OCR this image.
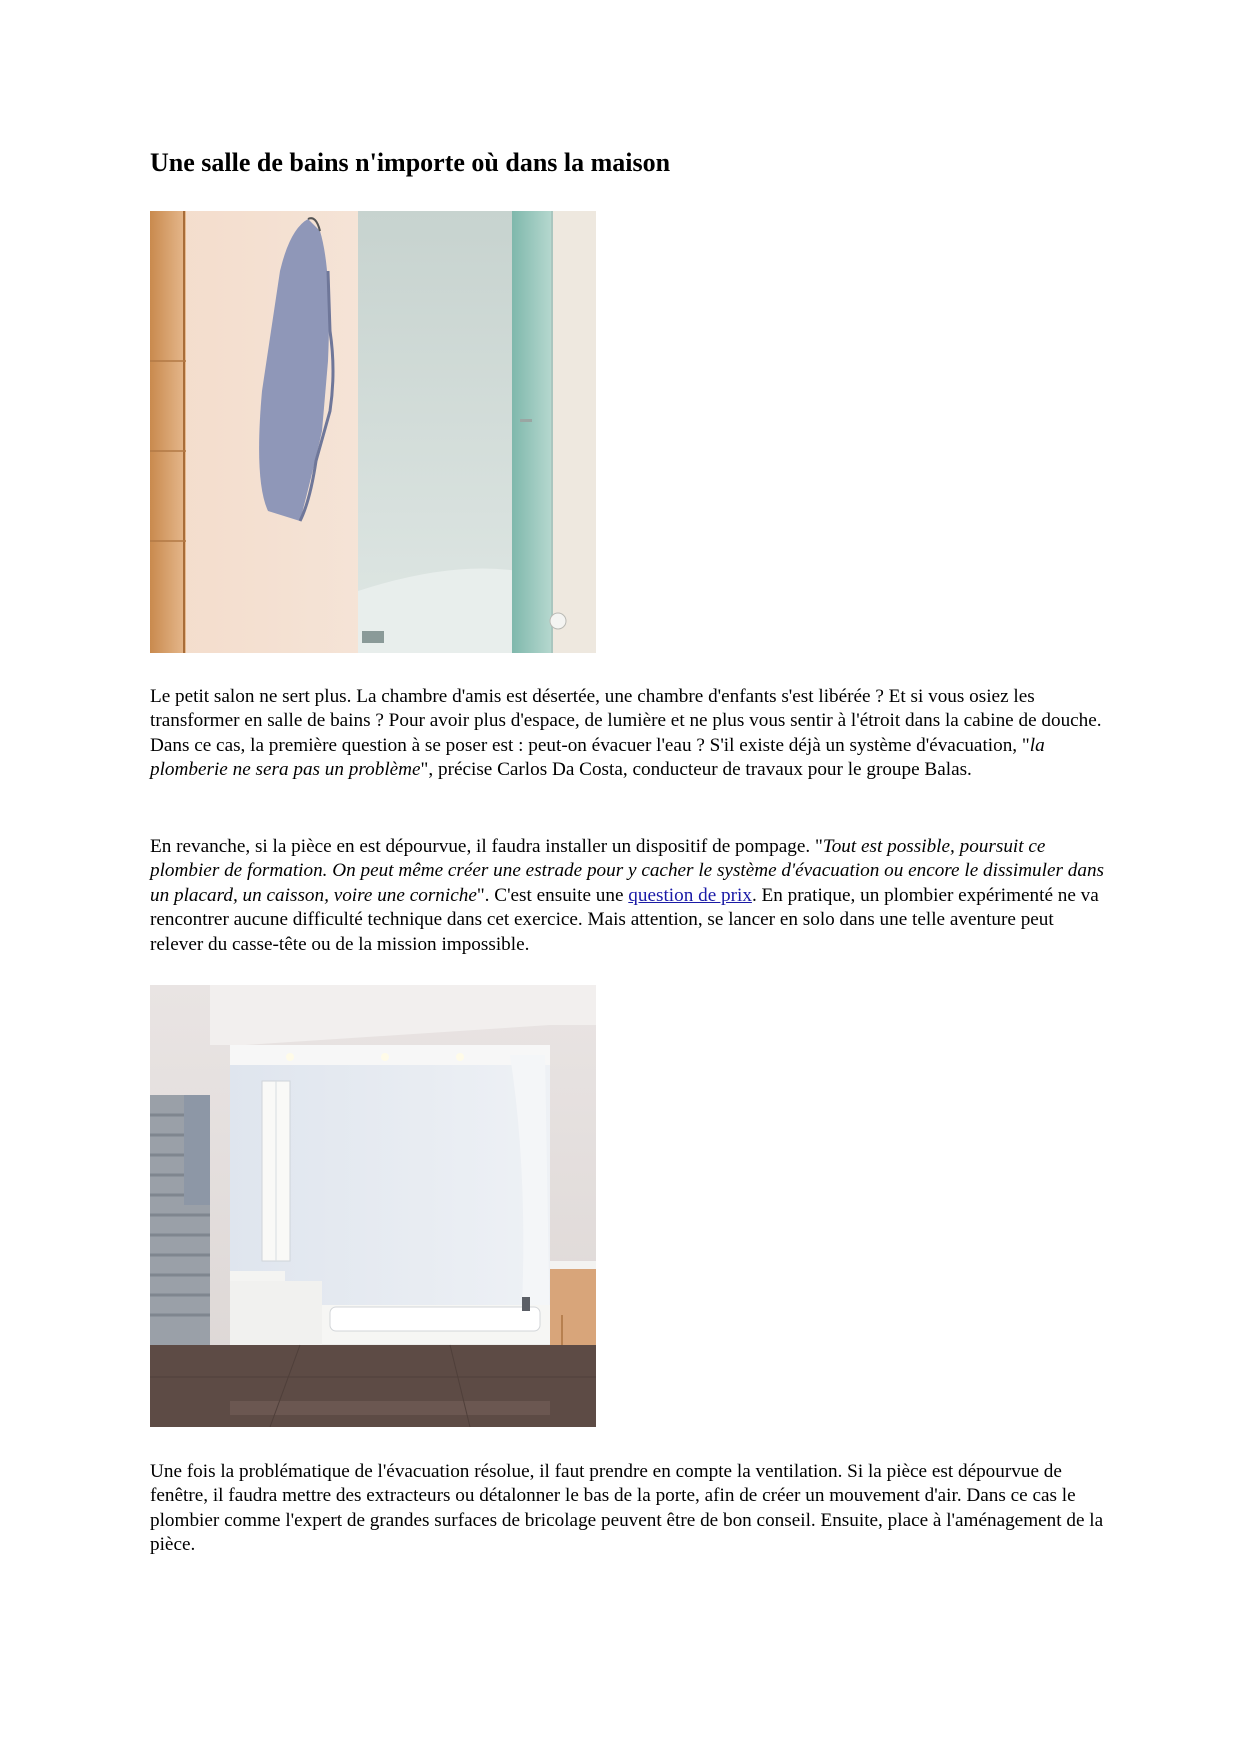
Une salle de bains n'importe où dans la maison

Le petit salon ne sert plus. La chambre d'amis est désertée, une chambre d'enfants s'est libérée ? Et si vous osiez les transformer en salle de bains ? Pour avoir plus d'espace, de lumière et ne plus vous sentir à l'étroit dans la cabine de douche. Dans ce cas, la première question à se poser est : peut-on évacuer l'eau ? S'il existe déjà un système d'évacuation, "la plomberie ne sera pas un problème", précise Carlos Da Costa, conducteur de travaux pour le groupe Balas.

En revanche, si la pièce en est dépourvue, il faudra installer un dispositif de pompage. "Tout est possible, poursuit ce plombier de formation. On peut même créer une estrade pour y cacher le système d'évacuation ou encore le dissimuler dans un placard, un caisson, voire une corniche". C'est ensuite une question de prix. En pratique, un plombier expérimenté ne va rencontrer aucune difficulté technique dans cet exercice. Mais attention, se lancer en solo dans une telle aventure peut relever du casse-tête ou de la mission impossible.

Une fois la problématique de l'évacuation résolue, il faut prendre en compte la ventilation. Si la pièce est dépourvue de fenêtre, il faudra mettre des extracteurs ou détalonner le bas de la porte, afin de créer un mouvement d'air. Dans ce cas le plombier comme l'expert de grandes surfaces de bricolage peuvent être de bon conseil. Ensuite, place à l'aménagement de la pièce.
